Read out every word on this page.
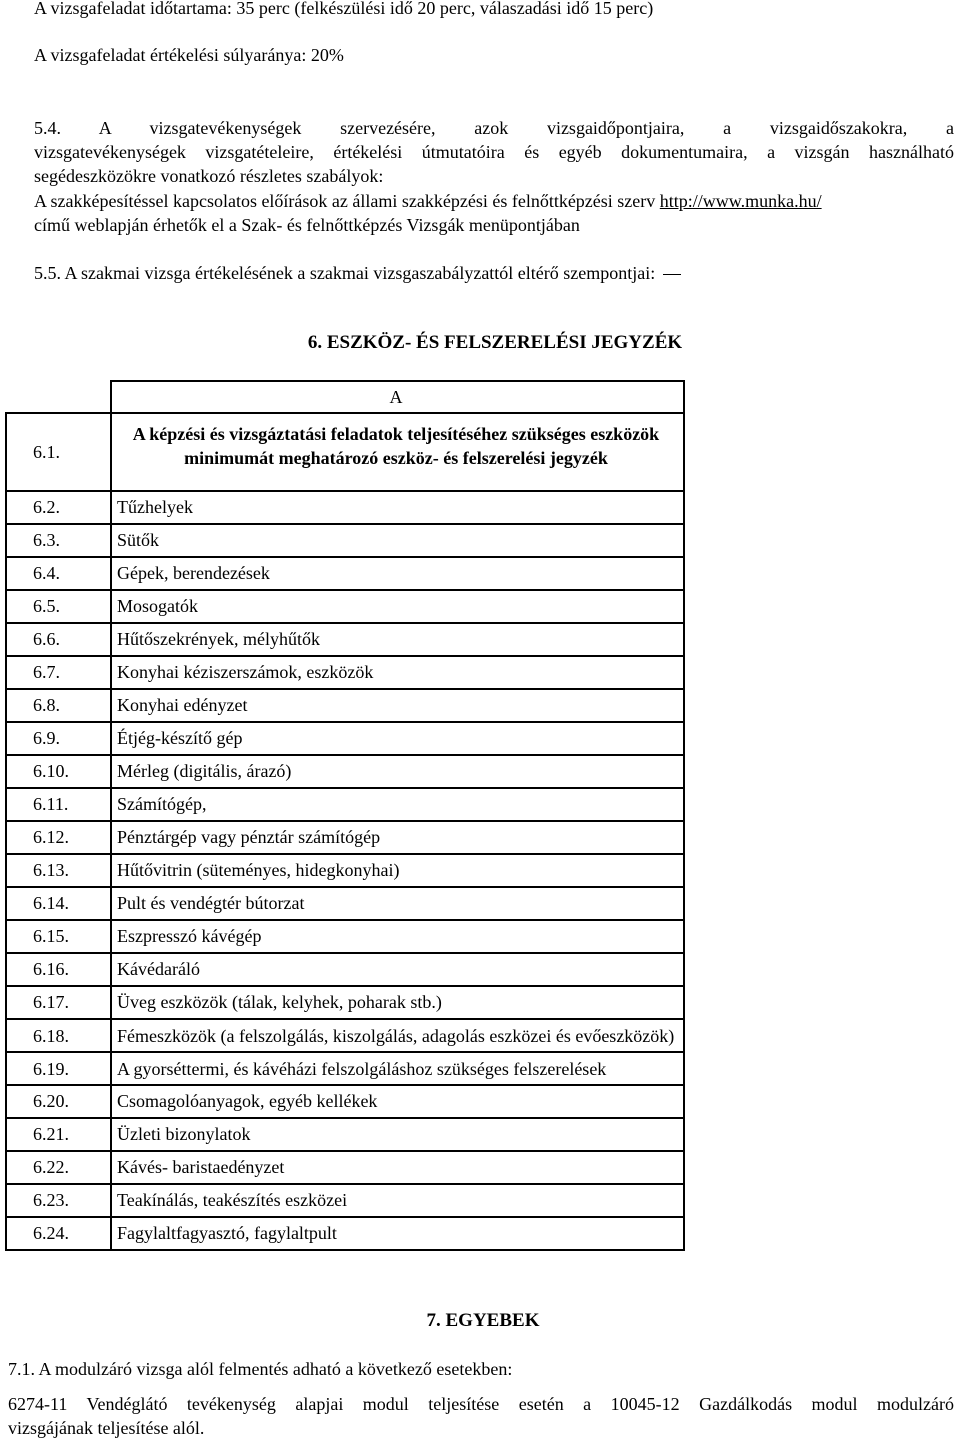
A vizsgafeladat időtartama: 35 perc (felkészülési idő 20 perc, válaszadási idő 15 perc)
A vizsgafeladat értékelési súlyaránya: 20%
5.4. A vizsgatevékenységek szervezésére, azok vizsgaidőpontjaira, a vizsgaidőszakokra, a
vizsgatevékenységek vizsgatételeire, értékelési útmutatóira és egyéb dokumentumaira, a vizsgán használható
segédeszközökre vonatkozó részletes szabályok:
A szakképesítéssel kapcsolatos előírások az állami szakképzési és felnőttképzési szerv http://www.munka.hu/
című weblapján érhetők el a Szak- és felnőttképzés Vizsgák menüpontjában
5.5. A szakmai vizsga értékelésének a szakmai vizsgaszabályzattól eltérő szempontjai:
6. ESZKÖZ- ÉS FELSZERELÉSI JEGYZÉK
	A
6.1.	A képzési és vizsgáztatási feladatok teljesítéséhez szükséges eszközök minimumát meghatározó eszköz- és felszerelési jegyzék
6.2.	Tűzhelyek
6.3.	Sütők
6.4.	Gépek, berendezések
6.5.	Mosogatók
6.6.	Hűtőszekrények, mélyhűtők
6.7.	Konyhai kéziszerszámok, eszközök
6.8.	Konyhai edényzet
6.9.	Étjég-készítő gép
6.10.	Mérleg (digitális, árazó)
6.11.	Számítógép,
6.12.	Pénztárgép vagy pénztár számítógép
6.13.	Hűtővitrin (süteményes, hidegkonyhai)
6.14.	Pult és vendégtér bútorzat
6.15.	Eszpresszó kávégép
6.16.	Kávédaráló
6.17.	Üveg eszközök (tálak, kelyhek, poharak stb.)
6.18.	Fémeszközök (a felszolgálás, kiszolgálás, adagolás eszközei és evőeszközök)
6.19.	A gyorséttermi, és kávéházi felszolgáláshoz szükséges felszerelések
6.20.	Csomagolóanyagok, egyéb kellékek
6.21.	Üzleti bizonylatok
6.22.	Kávés- baristaedényzet
6.23.	Teakínálás, teakészítés eszközei
6.24.	Fagylaltfagyasztó, fagylaltpult
7. EGYEBEK
7.1. A modulzáró vizsga alól felmentés adható a következő esetekben:
6274-11 Vendéglátó tevékenység alapjai modul teljesítése esetén a 10045-12 Gazdálkodás modul modulzáró
vizsgájának teljesítése alól.
